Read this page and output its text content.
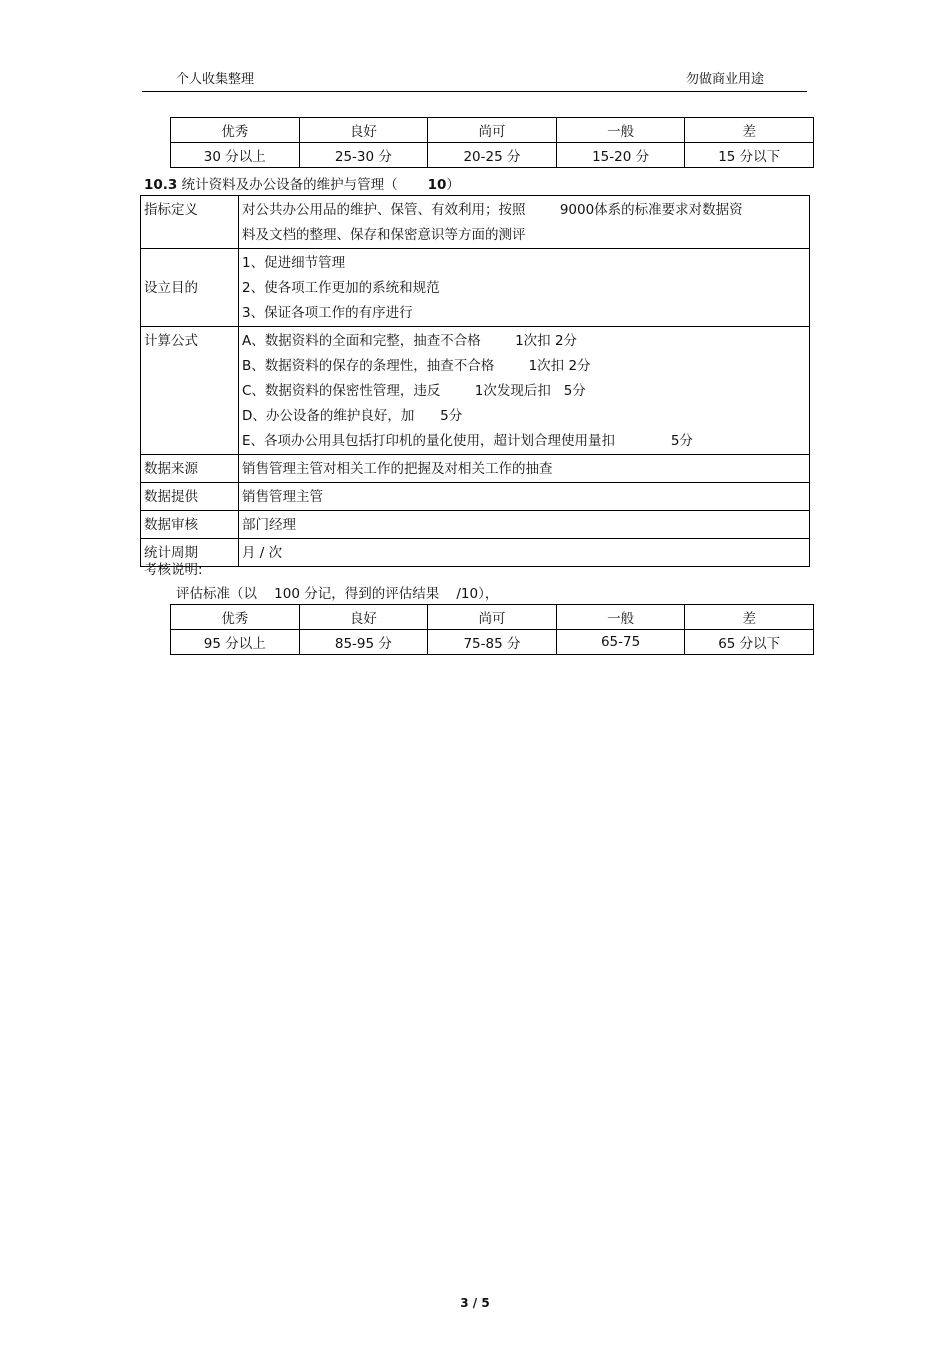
个人收集整理	勿做商业用途
优秀	良好	尚可	一般	差
30 分以上	25-30 分	20-25 分	15-20 分	15 分以下
10.3 统计资料及办公设备的维护与管理（ 10）
指标定义	对公共办公用品的维护、保管、有效利用；按照        9000体系的标准要求对数据资
料及文档的整理、保存和保密意识等方面的测评

设立目的	1、促进细节管理
2、使各项工作更加的系统和规范
3、保证各项工作的有序进行

计算公式	A、数据资料的全面和完整，抽查不合格        1次扣 2分
B、数据资料的保存的条理性，抽查不合格        1次扣 2分
C、数据资料的保密性管理，违反        1次发现后扣   5分
D、办公设备的维护良好，加      5分
E、各项办公用具包括打印机的量化使用，超计划合理使用量扣             5分

数据来源	销售管理主管对相关工作的把握及对相关工作的抽查
数据提供	销售管理主管
数据审核	部门经理
统计周期	月 / 次
考核说明:
评估标准（以    100 分记，得到的评估结果    /10），
优秀	良好	尚可	一般	差
95 分以上	85-95 分	75-85 分	65-75	65 分以下
3 / 5
